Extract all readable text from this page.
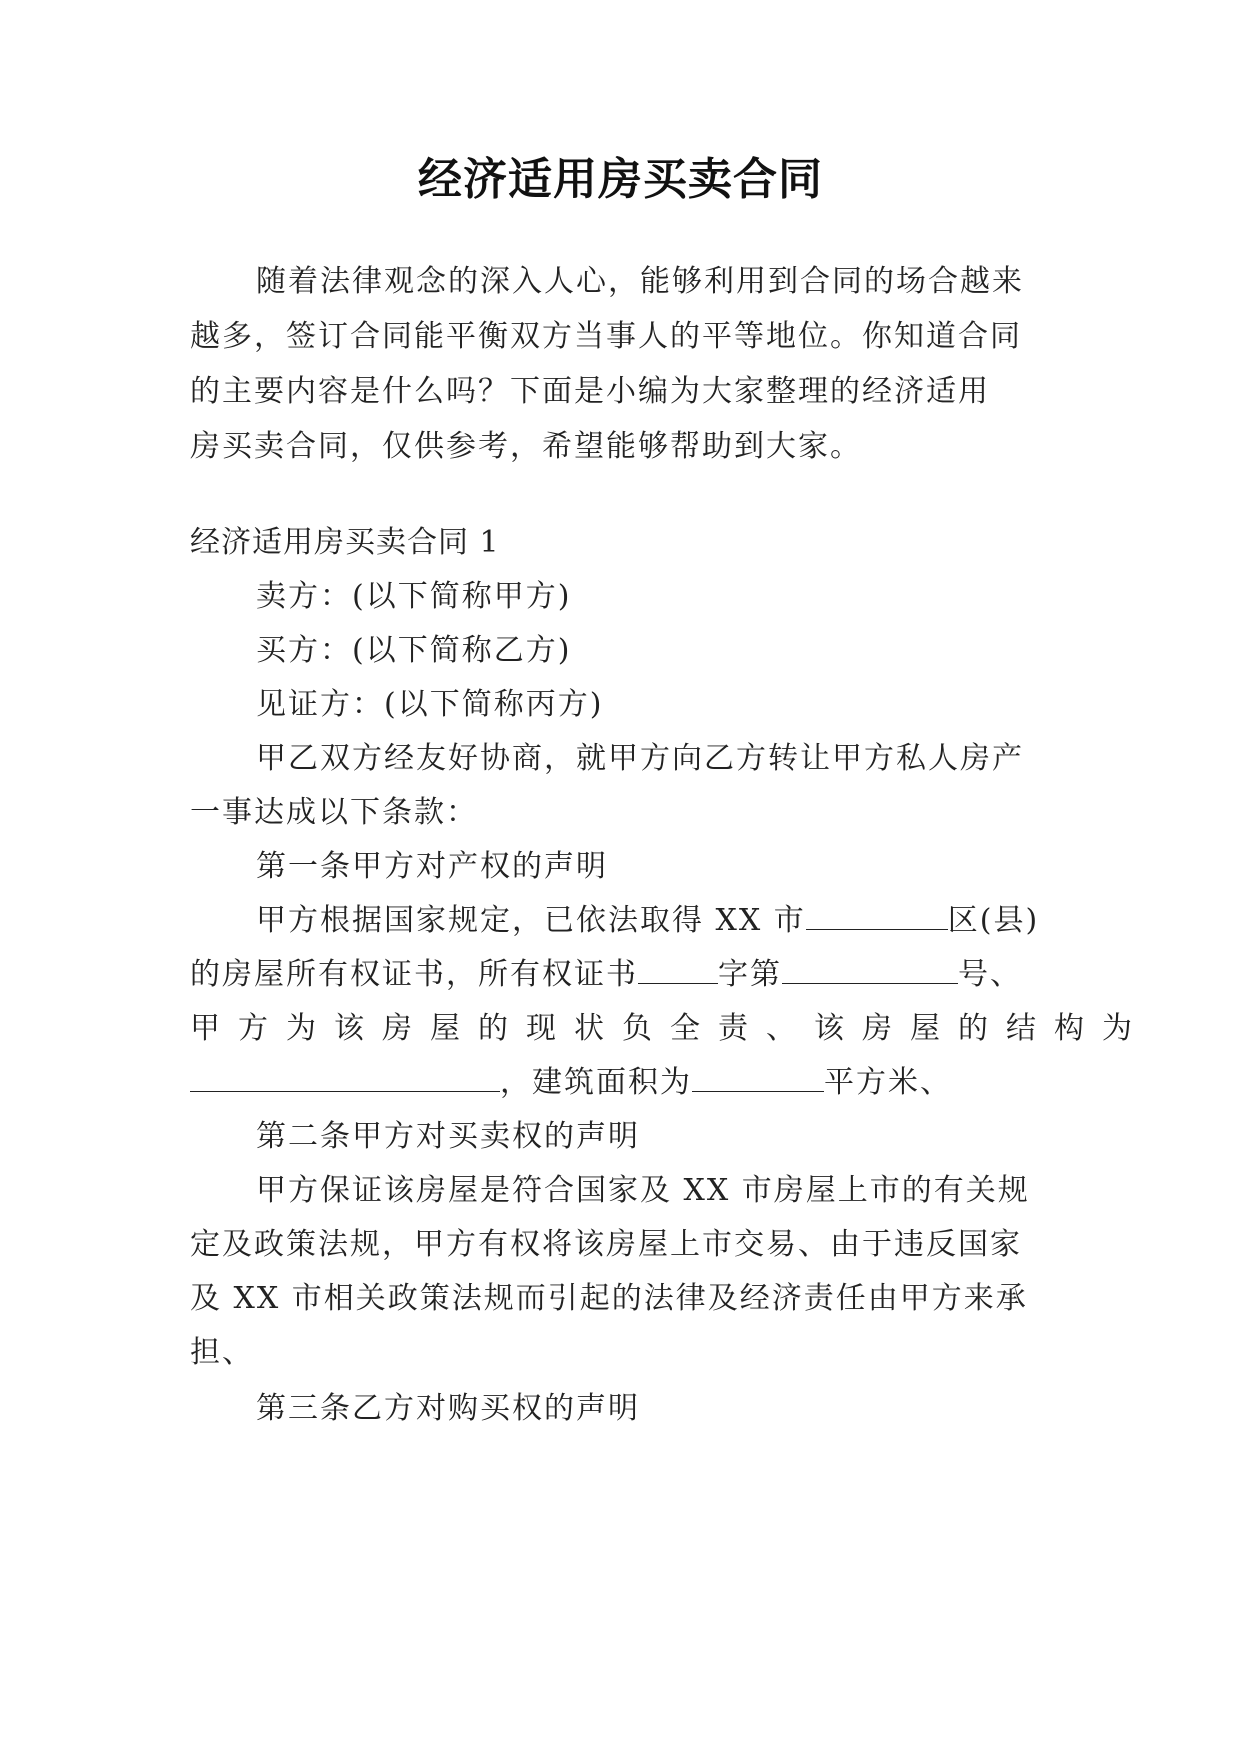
经济适用房买卖合同
随着法律观念的深入人心，能够利用到合同的场合越来
越多，签订合同能平衡双方当事人的平等地位。你知道合同
的主要内容是什么吗？下面是小编为大家整理的经济适用
房买卖合同，仅供参考，希望能够帮助到大家。
经济适用房买卖合同 1
卖方：(以下简称甲方)
买方：(以下简称乙方)
见证方：(以下简称丙方)
甲乙双方经友好协商，就甲方向乙方转让甲方私人房产
一事达成以下条款：
第一条甲方对产权的声明
甲方根据国家规定，已依法取得 XX 市	区(县)
的房屋所有权证书，所有权证书	字第	号、
甲方为该房屋的现状负全责、该房屋的结构为
，建筑面积为	平方米、
第二条甲方对买卖权的声明
甲方保证该房屋是符合国家及 XX 市房屋上市的有关规
定及政策法规，甲方有权将该房屋上市交易、由于违反国家
及 XX 市相关政策法规而引起的法律及经济责任由甲方来承
担、
第三条乙方对购买权的声明
